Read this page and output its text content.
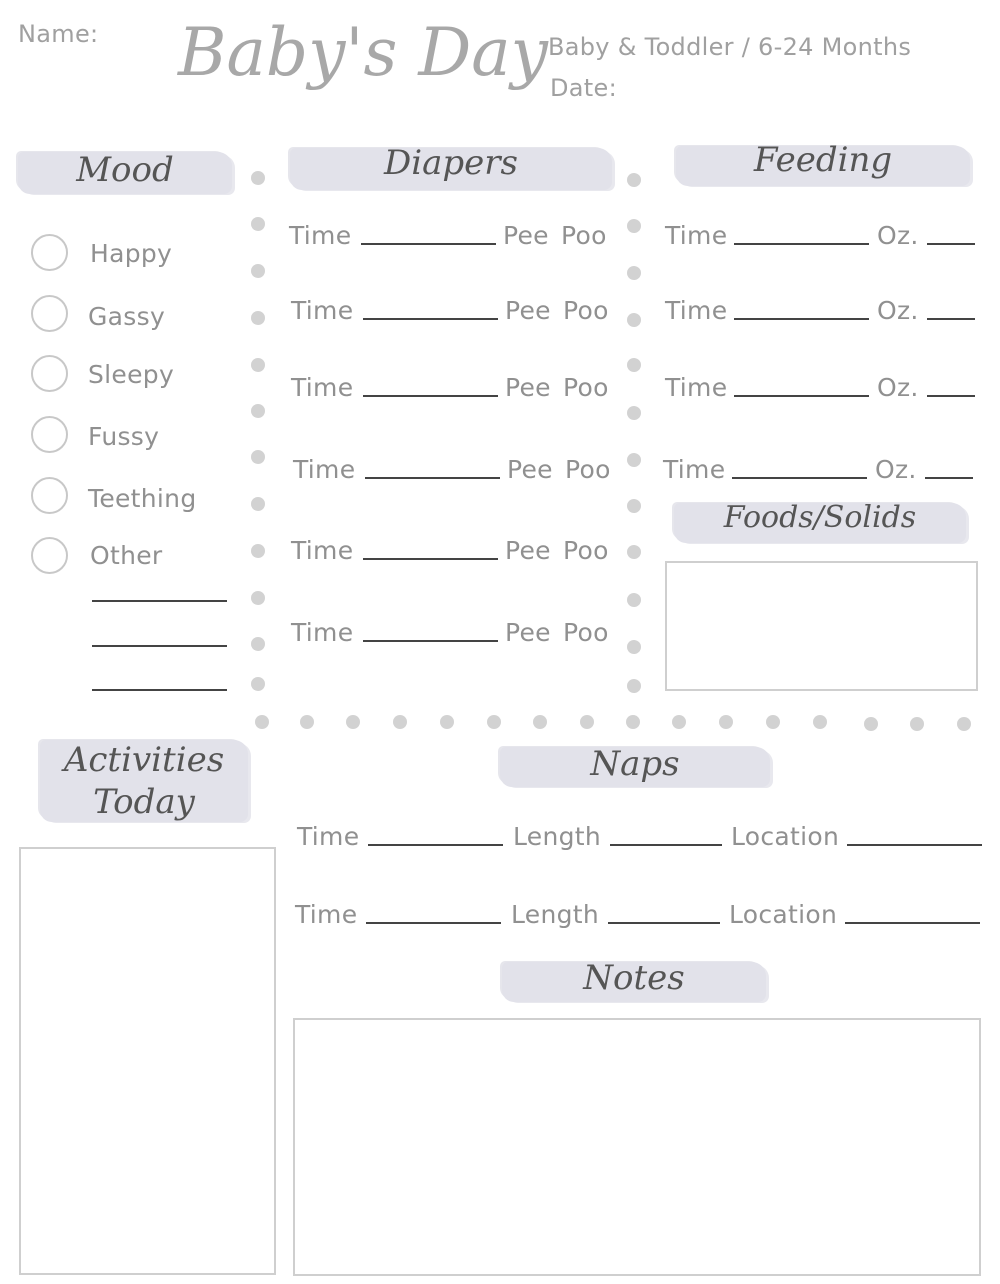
Name: Baby's Day Baby & Toddler / 6-24 Months
Date:
Mood
Happy
Gassy
Sleepy
Fussy
Teething
Other
Diapers
Time	Pee Poo
Time	Pee Poo
Time	Pee Poo
Time	Pee Poo
Time	Pee Poo
Time	Pee Poo
Feeding
Time	Oz.
Time	Oz.
Time	Oz.
Time	Oz.
Foods/Solids
Activities
Today
Naps
Time	Length	Location
Time	Length	Location
Notes
